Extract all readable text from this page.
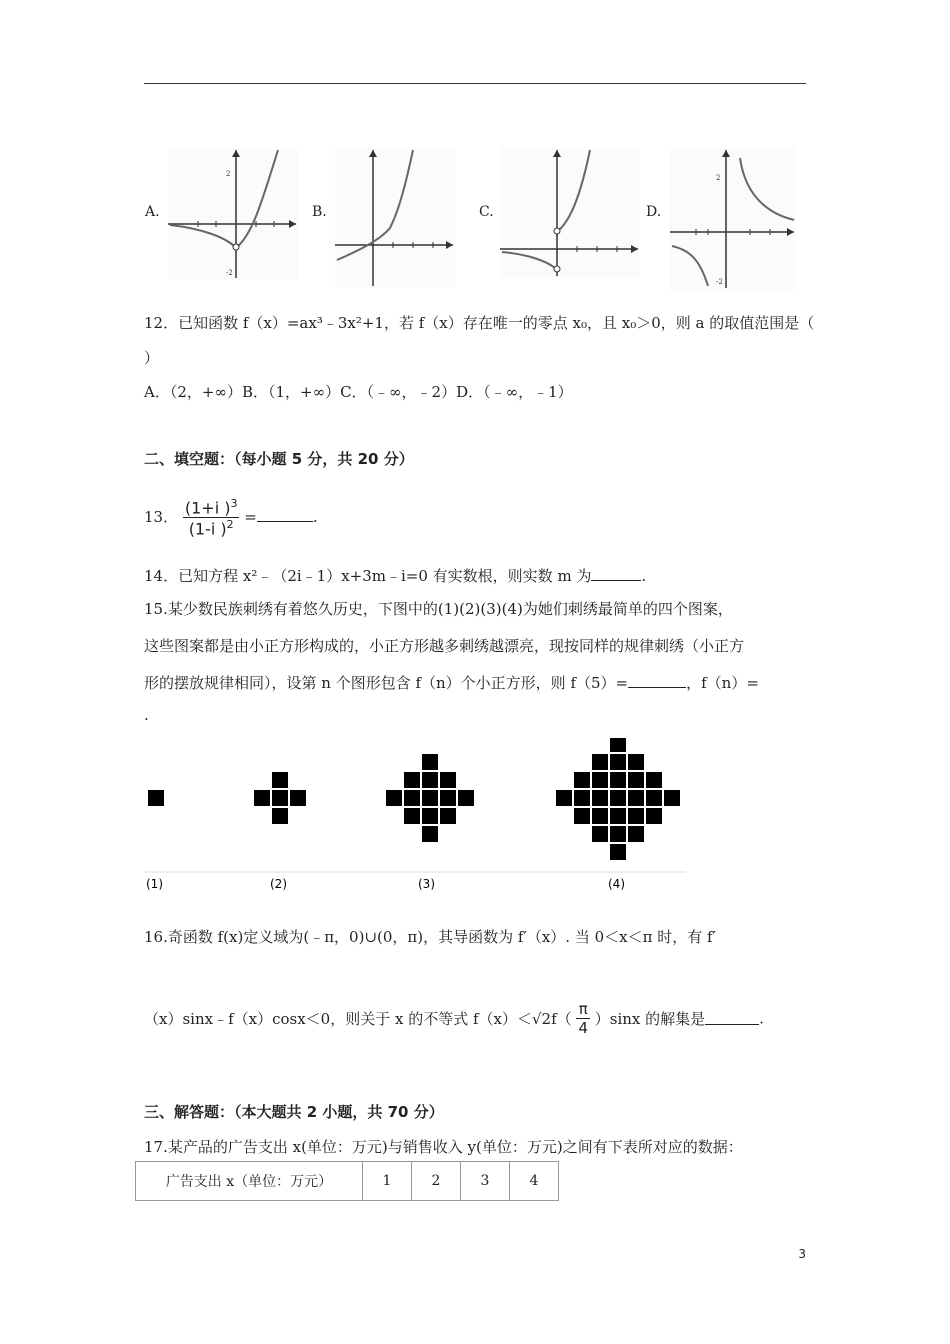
A.	B.	C.	D.
2
-2
2
-2
12．已知函数 f（x）=ax³﹣3x²+1，若 f（x）存在唯一的零点 x₀，且 x₀＞0，则 a 的取值范围是（
）
A．（2，+∞）B．（1，+∞）C．（﹣∞，﹣2）D．（﹣∞，﹣1）
二、填空题：（每小题 5 分，共 20 分）
13． $\frac{(1+i )^3}{(1-i )^2}$ =	.
14．已知方程 x²﹣（2i﹣1）x+3m﹣i=0 有实数根，则实数 m 为	.
15.某少数民族刺绣有着悠久历史，下图中的(1)(2)(3)(4)为她们刺绣最简单的四个图案，
这些图案都是由小正方形构成的，小正方形越多刺绣越漂亮，现按同样的规律刺绣（小正方
形的摆放规律相同），设第 n 个图形包含 f（n）个小正方形，则 f（5）=	，f（n）=
.
(1)	(2)	(3)	(4)
16.奇函数 f(x)定义域为(﹣π，0)∪(0，π)，其导函数为 f′（x）. 当 0＜x＜π 时，有 f′
（x）sinx﹣f（x）cosx＜0，则关于 x 的不等式 $f(x)<√2f( \frac{\pi}{4} )\sin x$ 的解集是	.
三、解答题：（本大题共 2 小题，共 70 分）
17.某产品的广告支出 x(单位：万元)与销售收入 y(单位：万元)之间有下表所对应的数据：
广告支出 x（单位：万元）	1	2	3	4
3
